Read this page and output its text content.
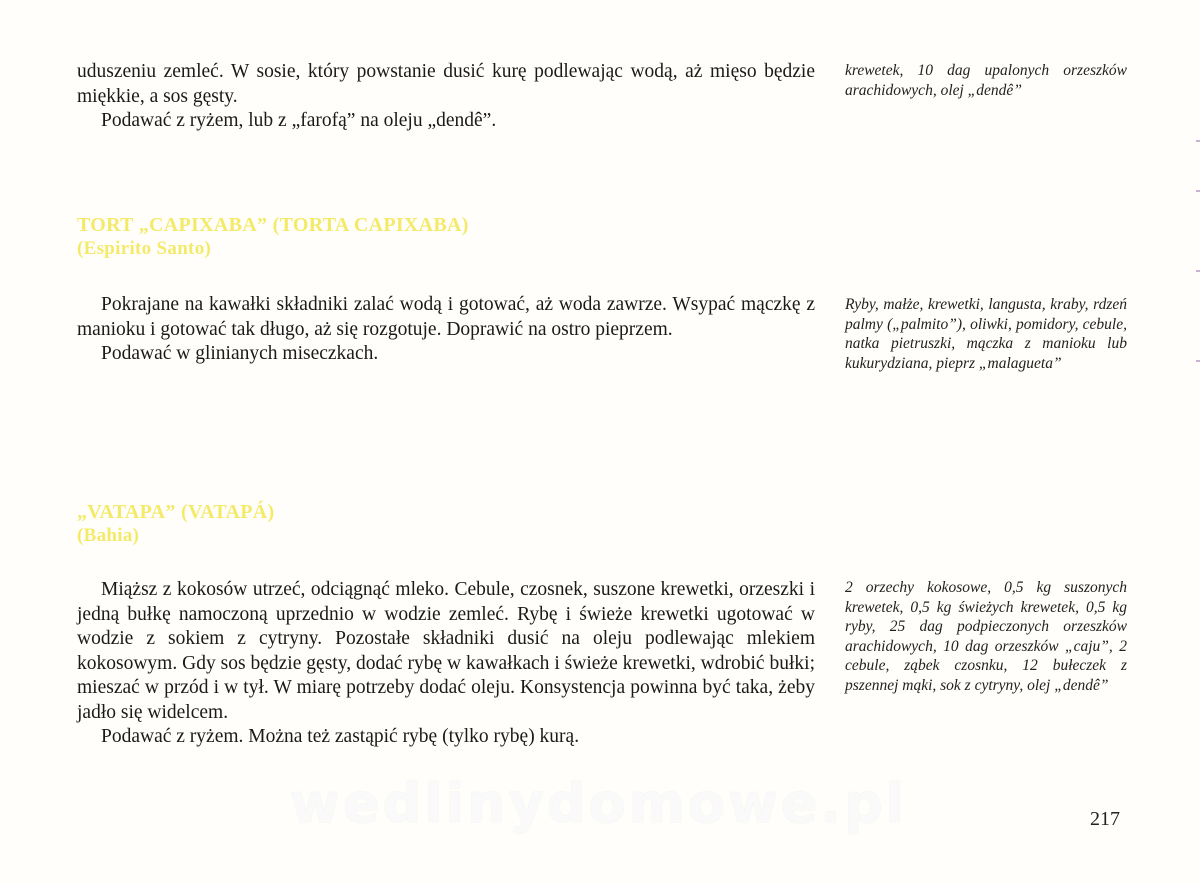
uduszeniu zemleć. W sosie, który powstanie dusić kurę podlewając wodą, aż mięso będzie miękkie, a sos gęsty.

Podawać z ryżem, lub z „farofą” na oleju „dendê”.

krewetek, 10 dag upalonych orzeszków arachidowych, olej „dendê”
TORT „CAPIXABA” (TORTA CAPIXABA)
(Espirito Santo)

Pokrajane na kawałki składniki zalać wodą i gotować, aż woda zawrze. Wsypać mączkę z manioku i gotować tak długo, aż się rozgotuje. Doprawić na ostro pieprzem.

Podawać w glinianych miseczkach.

Ryby, małże, krewetki, langusta, kraby, rdzeń palmy („palmito”), oliwki, pomidory, cebule, natka pietruszki, mączka z manioku lub kukurydziana, pieprz „malagueta”
„VATAPA” (VATAPÁ)
(Bahia)

Miąższ z kokosów utrzeć, odciągnąć mleko. Cebule, czosnek, suszone krewetki, orzeszki i jedną bułkę namoczoną uprzednio w wodzie zemleć. Rybę i świeże krewetki ugotować w wodzie z sokiem z cytryny. Pozostałe składniki dusić na oleju podlewając mlekiem kokosowym. Gdy sos będzie gęsty, dodać rybę w kawałkach i świeże krewetki, wdrobić bułki; mieszać w przód i w tył. W miarę potrzeby dodać oleju. Konsystencja powinna być taka, żeby jadło się widelcem.

Podawać z ryżem. Można też zastąpić rybę (tylko rybę) kurą.

2 orzechy kokosowe, 0,5 kg suszonych krewetek, 0,5 kg świeżych krewetek, 0,5 kg ryby, 25 dag podpieczonych orzeszków arachidowych, 10 dag orzeszków „caju”, 2 cebule, ząbek czosnku, 12 bułeczek z pszennej mąki, sok z cytryny, olej „dendê”
wedlinydomowe.pl	217
